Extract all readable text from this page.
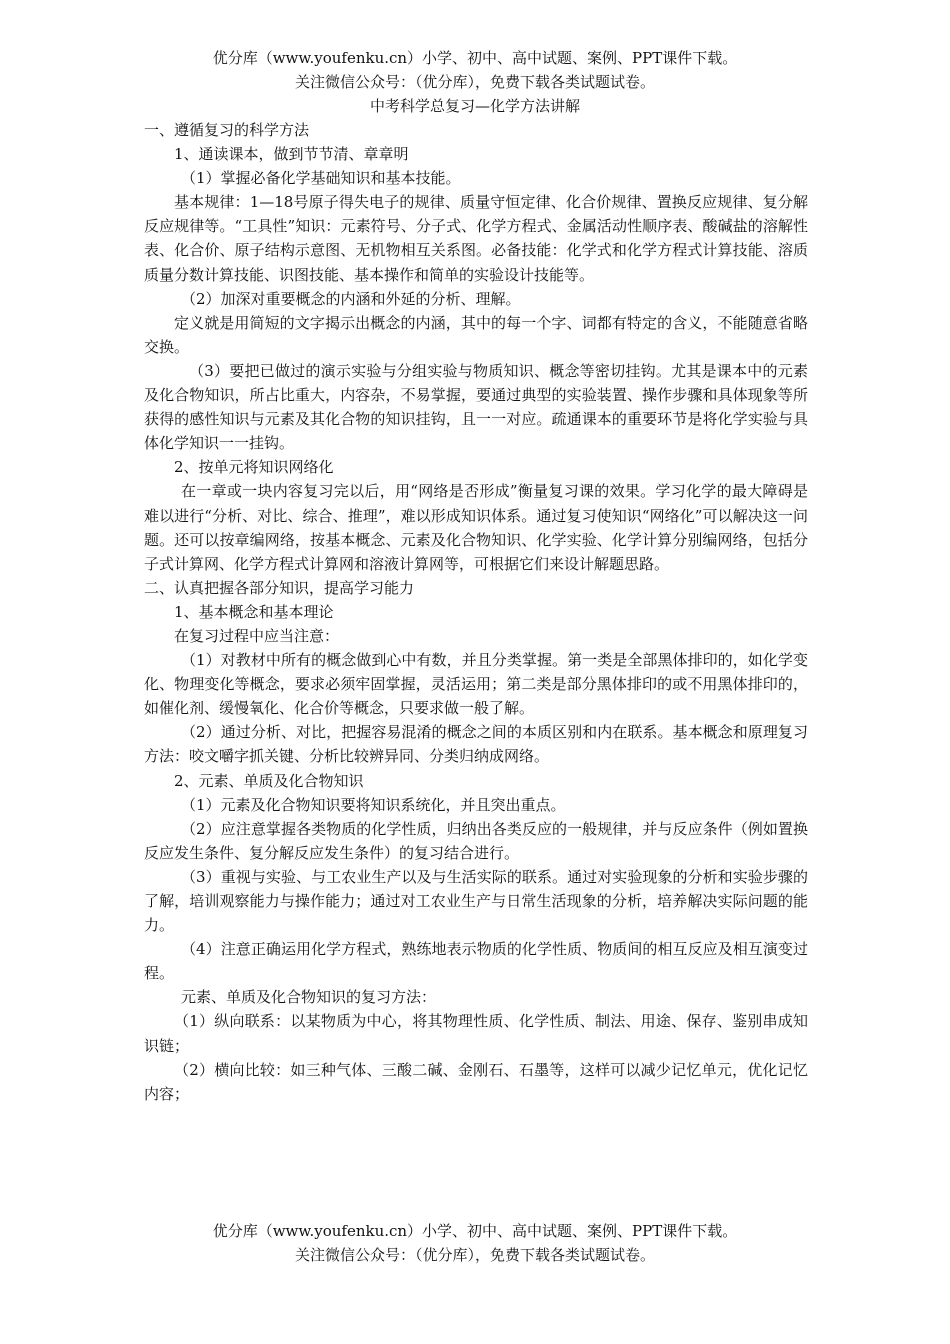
优分库（www.youfenku.cn）小学、初中、高中试题、案例、PPT课件下载。
关注微信公众号：（优分库），免费下载各类试题试卷。
中考科学总复习—化学方法讲解

一、遵循复习的科学方法

1、通读课本，做到节节清、章章明

（1）掌握必备化学基础知识和基本技能。

基本规律：1—18号原子得失电子的规律、质量守恒定律、化合价规律、置换反应规律、复分解反应规律等。“工具性”知识：元素符号、分子式、化学方程式、金属活动性顺序表、酸碱盐的溶解性表、化合价、原子结构示意图、无机物相互关系图。必备技能：化学式和化学方程式计算技能、溶质质量分数计算技能、识图技能、基本操作和简单的实验设计技能等。

（2）加深对重要概念的内涵和外延的分析、理解。

定义就是用简短的文字揭示出概念的内涵，其中的每一个字、词都有特定的含义，不能随意省略交换。

（3）要把已做过的演示实验与分组实验与物质知识、概念等密切挂钩。尤其是课本中的元素及化合物知识，所占比重大，内容杂，不易掌握，要通过典型的实验装置、操作步骤和具体现象等所获得的感性知识与元素及其化合物的知识挂钩，且一一对应。疏通课本的重要环节是将化学实验与具体化学知识一一挂钩。

2、按单元将知识网络化

在一章或一块内容复习完以后，用“网络是否形成”衡量复习课的效果。学习化学的最大障碍是难以进行“分析、对比、综合、推理”，难以形成知识体系。通过复习使知识“网络化”可以解决这一问题。还可以按章编网络，按基本概念、元素及化合物知识、化学实验、化学计算分别编网络，包括分子式计算网、化学方程式计算网和溶液计算网等，可根据它们来设计解题思路。

二、认真把握各部分知识，提高学习能力

1、基本概念和基本理论

在复习过程中应当注意：

（1）对教材中所有的概念做到心中有数，并且分类掌握。第一类是全部黑体排印的，如化学变化、物理变化等概念，要求必须牢固掌握，灵活运用；第二类是部分黑体排印的或不用黑体排印的，如催化剂、缓慢氧化、化合价等概念，只要求做一般了解。

（2）通过分析、对比，把握容易混淆的概念之间的本质区别和内在联系。基本概念和原理复习方法：咬文嚼字抓关键、分析比较辨异同、分类归纳成网络。

2、元素、单质及化合物知识

（1）元素及化合物知识要将知识系统化，并且突出重点。

（2）应注意掌握各类物质的化学性质，归纳出各类反应的一般规律，并与反应条件（例如置换反应发生条件、复分解反应发生条件）的复习结合进行。

（3）重视与实验、与工农业生产以及与生活实际的联系。通过对实验现象的分析和实验步骤的了解，培训观察能力与操作能力；通过对工农业生产与日常生活现象的分析，培养解决实际问题的能力。

（4）注意正确运用化学方程式，熟练地表示物质的化学性质、物质间的相互反应及相互演变过程。

元素、单质及化合物知识的复习方法：

（1）纵向联系：以某物质为中心，将其物理性质、化学性质、制法、用途、保存、鉴别串成知识链；

（2）横向比较：如三种气体、三酸二碱、金刚石、石墨等，这样可以减少记忆单元，优化记忆内容；

优分库（www.youfenku.cn）小学、初中、高中试题、案例、PPT课件下载。
关注微信公众号：（优分库），免费下载各类试题试卷。
